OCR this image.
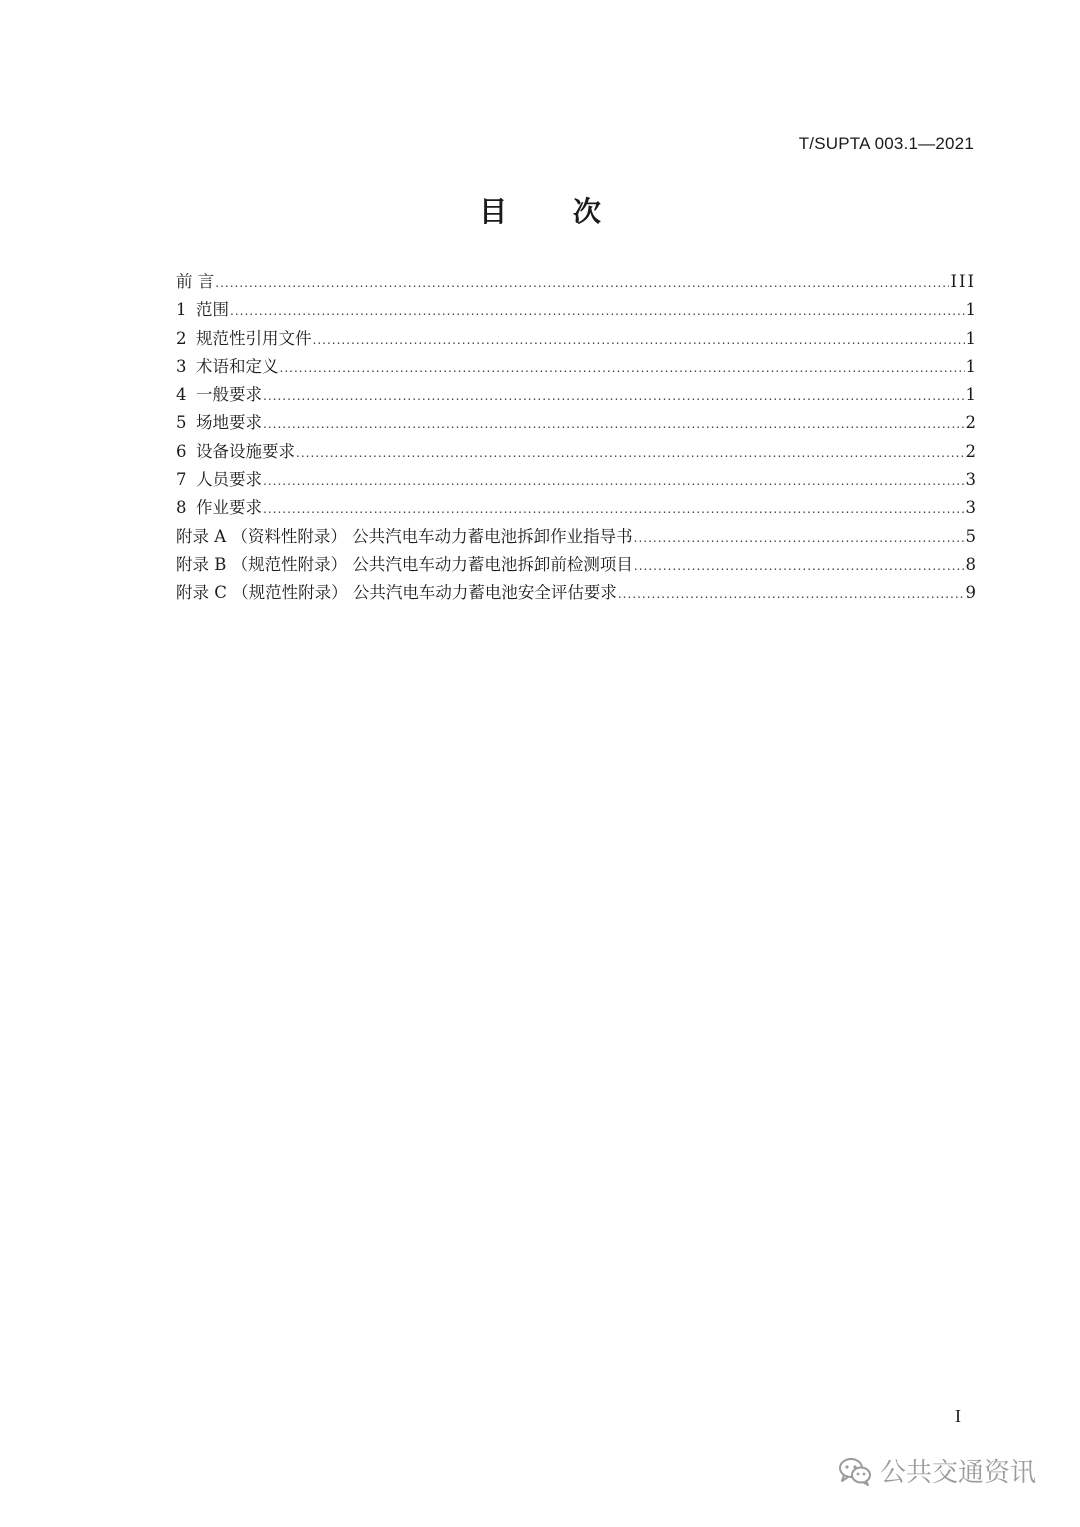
T/SUPTA 003.1—2021
目 次
前 言 .....	III
1 范围 .....	1
2 规范性引用文件 .....	1
3 术语和定义 .....	1
4 一般要求 .....	1
5 场地要求 .....	2
6 设备设施要求 .....	2
7 人员要求 .....	3
8 作业要求 .....	3
附录 A （资料性附录） 公共汽电车动力蓄电池拆卸作业指导书 .....	5
附录 B （规范性附录） 公共汽电车动力蓄电池拆卸前检测项目 .....	8
附录 C （规范性附录） 公共汽电车动力蓄电池安全评估要求 .....	9
I
公共交通资讯
